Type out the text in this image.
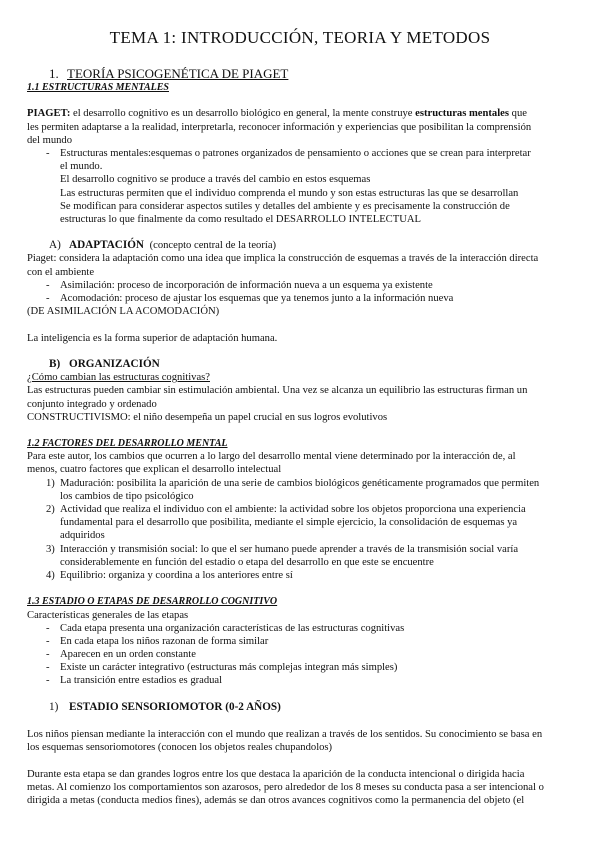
TEMA 1: INTRODUCCIÓN, TEORIA Y METODOS
1. TEORÍA PSICOGENÉTICA DE PIAGET
1.1 ESTRUCTURAS MENTALES
PIAGET: el desarrollo cognitivo es un desarrollo biológico en general, la mente construye estructuras mentales que
les permiten adaptarse a la realidad, interpretarla, reconocer información y experiencias que posibilitan la comprensión
del mundo
- Estructuras mentales:esquemas o patrones organizados de pensamiento o acciones que se crean para interpretar
el mundo.
El desarrollo cognitivo se produce a través del cambio en estos esquemas
Las estructuras permiten que el individuo comprenda el mundo y son estas estructuras las que se desarrollan
Se modifican para considerar aspectos sutiles y detalles del ambiente y es precisamente la construcción de
estructuras lo que finalmente da como resultado el DESARROLLO INTELECTUAL
A) ADAPTACIÓN (concepto central de la teoría)
Piaget: considera la adaptación como una idea que implica la construcción de esquemas a través de la interacción directa
con el ambiente
- Asimilación: proceso de incorporación de información nueva a un esquema ya existente
- Acomodación: proceso de ajustar los esquemas que ya tenemos junto a la información nueva
(DE ASIMILACIÓN LA ACOMODACIÓN)
La inteligencia es la forma superior de adaptación humana.
B) ORGANIZACIÓN
¿Cómo cambian las estructuras cognitivas?
Las estructuras pueden cambiar sin estimulación ambiental. Una vez se alcanza un equilibrio las estructuras firman un
conjunto integrado y ordenado
CONSTRUCTIVISMO: el niño desempeña un papel crucial en sus logros evolutivos
1.2 FACTORES DEL DESARROLLO MENTAL
Para este autor, los cambios que ocurren a lo largo del desarrollo mental viene determinado por la interacción de, al
menos, cuatro factores que explican el desarrollo intelectual
1) Maduración: posibilita la aparición de una serie de cambios biológicos genéticamente programados que permiten
los cambios de tipo psicológico
2) Actividad que realiza el individuo con el ambiente: la actividad sobre los objetos proporciona una experiencia
fundamental para el desarrollo que posibilita, mediante el simple ejercicio, la consolidación de esquemas ya
adquiridos
3) Interacción y transmisión social: lo que el ser humano puede aprender a través de la transmisión social varía
considerablemente en función del estadio o etapa del desarrollo en que este se encuentre
4) Equilibrio: organiza y coordina a los anteriores entre sí
1.3 ESTADIO O ETAPAS DE DESARROLLO COGNITIVO
Características generales de las etapas
- Cada etapa presenta una organización características de las estructuras cognitivas
- En cada etapa los niños razonan de forma similar
- Aparecen en un orden constante
- Existe un carácter integrativo (estructuras más complejas integran más simples)
- La transición entre estadios es gradual
1) ESTADIO SENSORIOMOTOR (0-2 AÑOS)
Los niños piensan mediante la interacción con el mundo que realizan a través de los sentidos. Su conocimiento se basa en
los esquemas sensoriomotores (conocen los objetos reales chupandolos)
Durante esta etapa se dan grandes logros entre los que destaca la aparición de la conducta intencional o dirigida hacia
metas. Al comienzo los comportamientos son azarosos, pero alrededor de los 8 meses su conducta pasa a ser intencional o
dirigida a metas (conducta medios fines), además se dan otros avances cognitivos como la permanencia del objeto (el
